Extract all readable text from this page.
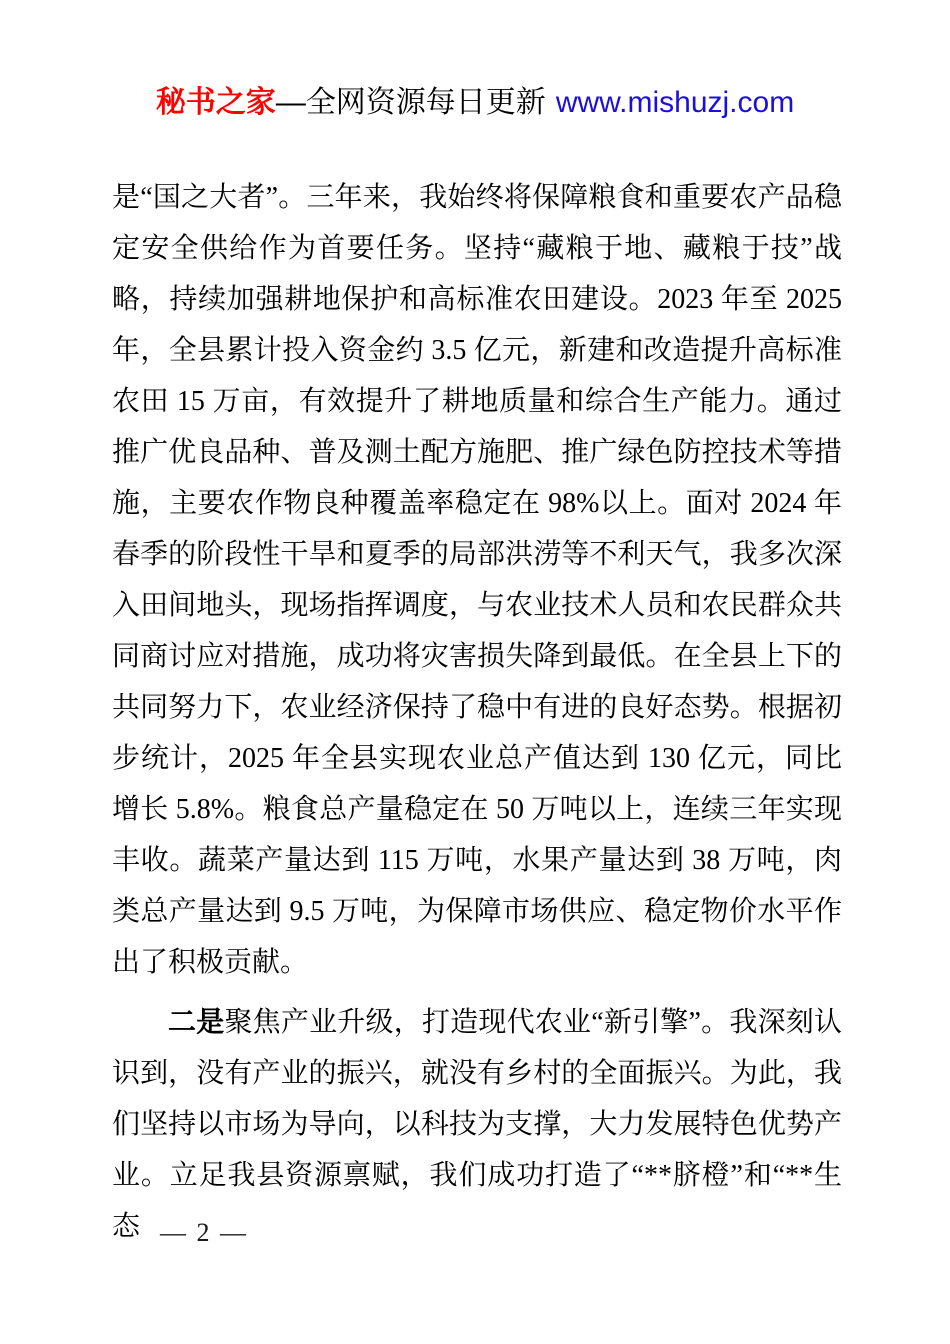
秘书之家—全网资源每日更新 www.mishuzj.com

是“国之大者”。三年来，我始终将保障粮食和重要农产品稳定安全供给作为首要任务。坚持“藏粮于地、藏粮于技”战略，持续加强耕地保护和高标准农田建设。2023 年至 2025 年，全县累计投入资金约 3.5 亿元，新建和改造提升高标准农田 15 万亩，有效提升了耕地质量和综合生产能力。通过推广优良品种、普及测土配方施肥、推广绿色防控技术等措施，主要农作物良种覆盖率稳定在 98%以上。面对 2024 年春季的阶段性干旱和夏季的局部洪涝等不利天气，我多次深入田间地头，现场指挥调度，与农业技术人员和农民群众共同商讨应对措施，成功将灾害损失降到最低。在全县上下的共同努力下，农业经济保持了稳中有进的良好态势。根据初步统计，2025 年全县实现农业总产值达到 130 亿元，同比增长 5.8%。粮食总产量稳定在 50 万吨以上，连续三年实现丰收。蔬菜产量达到 115 万吨，水果产量达到 38 万吨，肉类总产量达到 9.5 万吨，为保障市场供应、稳定物价水平作出了积极贡献。

二是聚焦产业升级，打造现代农业“新引擎”。我深刻认识到，没有产业的振兴，就没有乡村的全面振兴。为此，我们坚持以市场为导向，以科技为支撑，大力发展特色优势产业。立足我县资源禀赋，我们成功打造了“**脐橙”和“**生态 — 2 —
